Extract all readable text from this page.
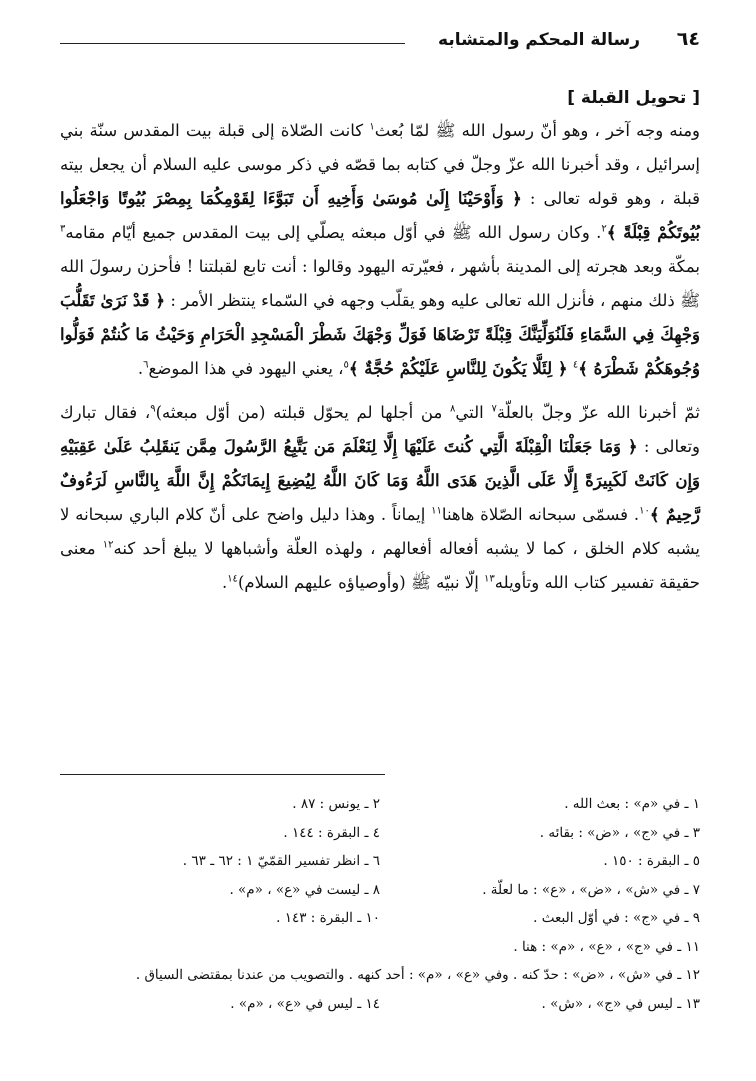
٦٤
رسالة المحكم والمتشابه
[ تحويل القبلة ]

ومنه وجه آخر ، وهو أنّ رسول الله ﷺ لمّا بُعث$^١$ كانت الصّلاة إلى قبلة بيت المقدس سنّة بني إسرائيل ، وقد أخبرنا الله عزّ وجلّ في كتابه بما قصّه في ذكر موسى عليه السلام أن يجعل بيته قبلة ، وهو قوله تعالى : ﴿ وَأَوْحَيْنَا إِلَىٰ مُوسَىٰ وَأَخِيهِ أَن تَبَوَّءَا لِقَوْمِكُمَا بِمِصْرَ بُيُوتًا وَاجْعَلُوا بُيُوتَكُمْ قِبْلَةً ﴾$^٢$. وكان رسول الله ﷺ في أوّل مبعثه يصلّي إلى بيت المقدس جميع أيّام مقامه$^٣$ بمكّة وبعد هجرته إلى المدينة بأشهر ، فعيّرته اليهود وقالوا : أنت تابع لقبلتنا ! فأحزن رسولَ الله ﷺ ذلك منهم ، فأنزل الله تعالى عليه وهو يقلّب وجهه في السّماء ينتظر الأمر : ﴿ قَدْ نَرَىٰ تَقَلُّبَ وَجْهِكَ فِي السَّمَاءِ فَلَنُوَلِّيَنَّكَ قِبْلَةً تَرْضَاهَا فَوَلِّ وَجْهَكَ شَطْرَ الْمَسْجِدِ الْحَرَامِ وَحَيْثُ مَا كُنتُمْ فَوَلُّوا وُجُوهَكُمْ شَطْرَهُ ﴾$^٤$ ﴿ لِئَلَّا يَكُونَ لِلنَّاسِ عَلَيْكُمْ حُجَّةٌ ﴾$^٥$، يعني اليهود في هذا الموضع$^٦$.

ثمّ أخبرنا الله عزّ وجلّ بالعلّة$^٧$ التي$^٨$ من أجلها لم يحوّل قبلته (من أوّل مبعثه)$^٩$، فقال تبارك وتعالى : ﴿ وَمَا جَعَلْنَا الْقِبْلَةَ الَّتِي كُنتَ عَلَيْهَا إِلَّا لِنَعْلَمَ مَن يَتَّبِعُ الرَّسُولَ مِمَّن يَنقَلِبُ عَلَىٰ عَقِبَيْهِ وَإِن كَانَتْ لَكَبِيرَةً إِلَّا عَلَى الَّذِينَ هَدَى اللَّهُ وَمَا كَانَ اللَّهُ لِيُضِيعَ إِيمَانَكُمْ إِنَّ اللَّهَ بِالنَّاسِ لَرَءُوفٌ رَّحِيمٌ ﴾$^{١٠}$. فسمّى سبحانه الصّلاة هاهنا$^{١١}$ إيماناً . وهذا دليل واضح على أنّ كلام الباري سبحانه لا يشبه كلام الخلق ، كما لا يشبه أفعاله أفعالهم ، ولهذه العلّة وأشباهها لا يبلغ أحد كنه$^{١٢}$ معنى حقيقة تفسير كتاب الله وتأويله$^{١٣}$ إلّا نبيّه ﷺ (وأوصياؤه عليهم السلام)$^{١٤}$.

١ ـ في «م» : بعث الله .
٢ ـ يونس : ٨٧ .
٣ ـ في «ج» ، «ض» : بقائه .
٤ ـ البقرة : ١٤٤ .
٥ ـ البقرة : ١٥٠ .
٦ ـ انظر تفسير القمّيّ ١ : ٦٢ ـ ٦٣ .
٧ ـ في «ش» ، «ض» ، «ع» : ما لعلّة .
٨ ـ ليست في «ع» ، «م» .
٩ ـ في «ج» : في أوّل البعث .
١٠ ـ البقرة : ١٤٣ .
١١ ـ في «ج» ، «ع» ، «م» : هنا .
١٢ ـ في «ش» ، «ض» : حدّ كنه . وفي «ع» ، «م» : أحد كنهه . والتصويب من عندنا بمقتضى السياق .
١٣ ـ ليس في «ج» ، «ش» .
١٤ ـ ليس في «ع» ، «م» .
